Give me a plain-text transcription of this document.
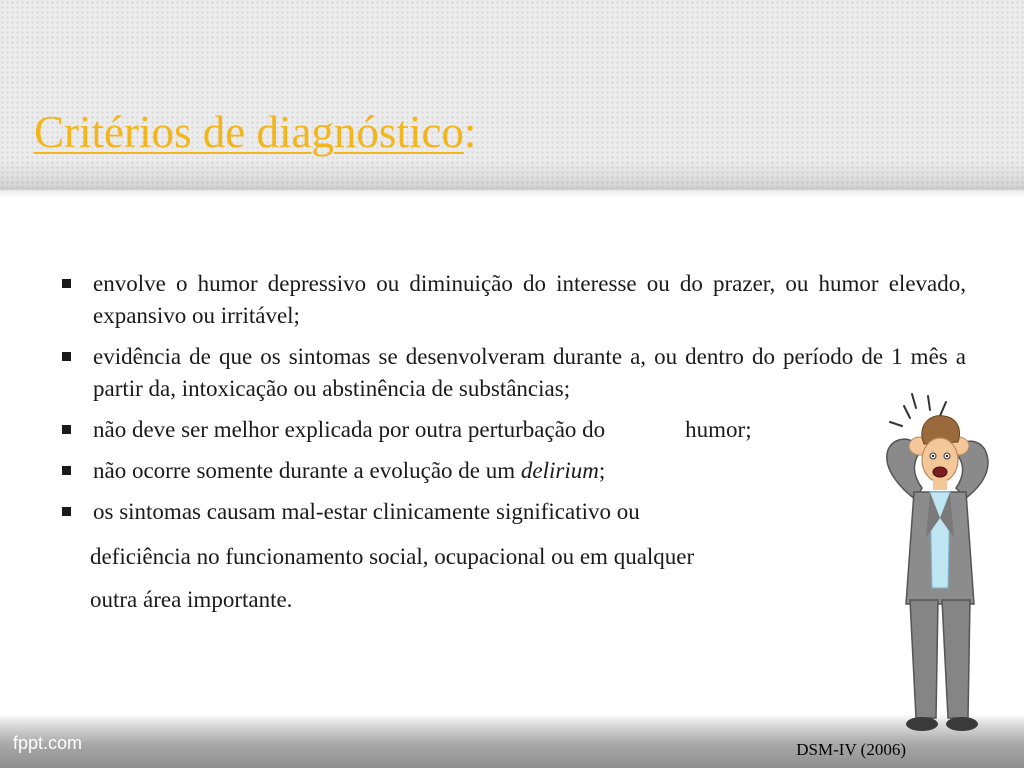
Critérios de diagnóstico:
envolve o humor depressivo ou diminuição do interesse ou do prazer, ou humor elevado, expansivo ou irritável;
evidência de que os sintomas se desenvolveram durante a, ou dentro do período de 1 mês a partir da, intoxicação ou abstinência de substâncias;
não deve ser melhor explicada por outra perturbação do	humor;
não ocorre somente durante a evolução de um delirium;
os sintomas causam mal-estar clinicamente significativo ou
deficiência no funcionamento social, ocupacional ou em qualquer
outra área importante.
fppt.com	DSM-IV (2006)
